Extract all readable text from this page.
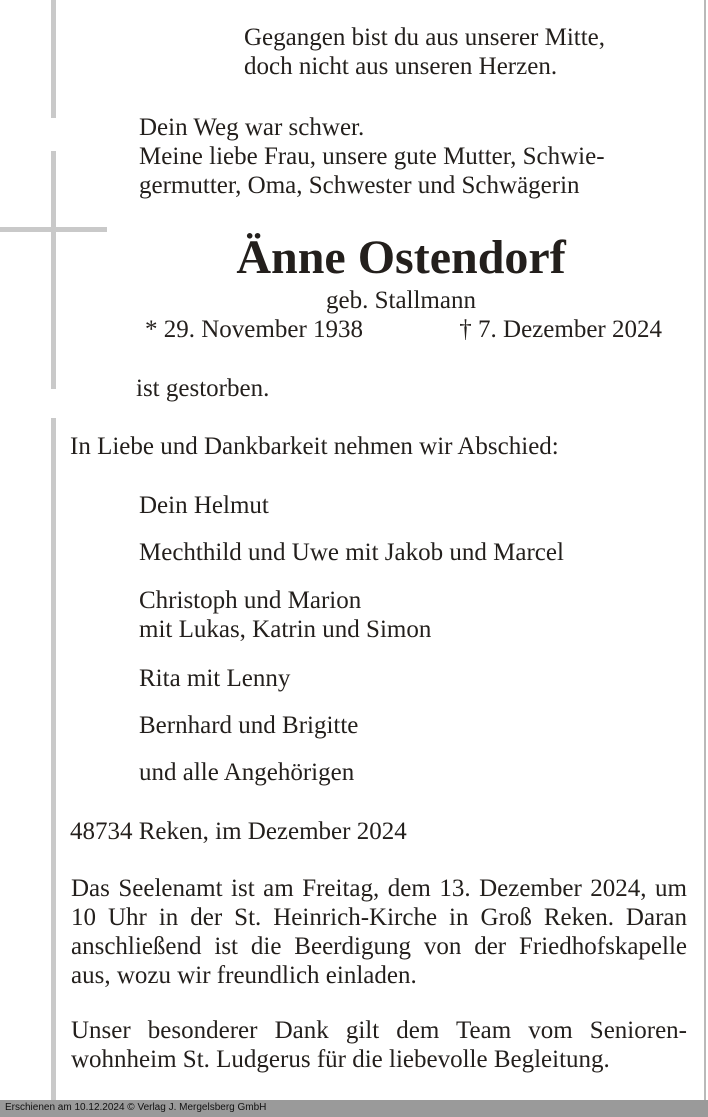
Gegangen bist du aus unserer Mitte,
doch nicht aus unseren Herzen.

Dein Weg war schwer.
Meine liebe Frau, unsere gute Mutter, Schwie-
germutter, Oma, Schwester und Schwägerin

Änne Ostendorf

geb. Stallmann

* 29. November 1938	† 7. Dezember 2024

ist gestorben.

In Liebe und Dankbarkeit nehmen wir Abschied:

Dein Helmut

Mechthild und Uwe mit Jakob und Marcel

Christoph und Marion
mit Lukas, Katrin und Simon

Rita mit Lenny

Bernhard und Brigitte

und alle Angehörigen

48734 Reken, im Dezember 2024

Das Seelenamt ist am Freitag, dem 13. Dezember 2024, um 10 Uhr in der St. Heinrich-Kirche in Groß Reken. Daran anschließend ist die Beerdigung von der Friedhofskapelle aus, wozu wir freundlich einladen.

Unser besonderer Dank gilt dem Team vom Senioren-wohnheim St. Ludgerus für die liebevolle Begleitung.

Erschienen am 10.12.2024 © Verlag J. Mergelsberg GmbH
